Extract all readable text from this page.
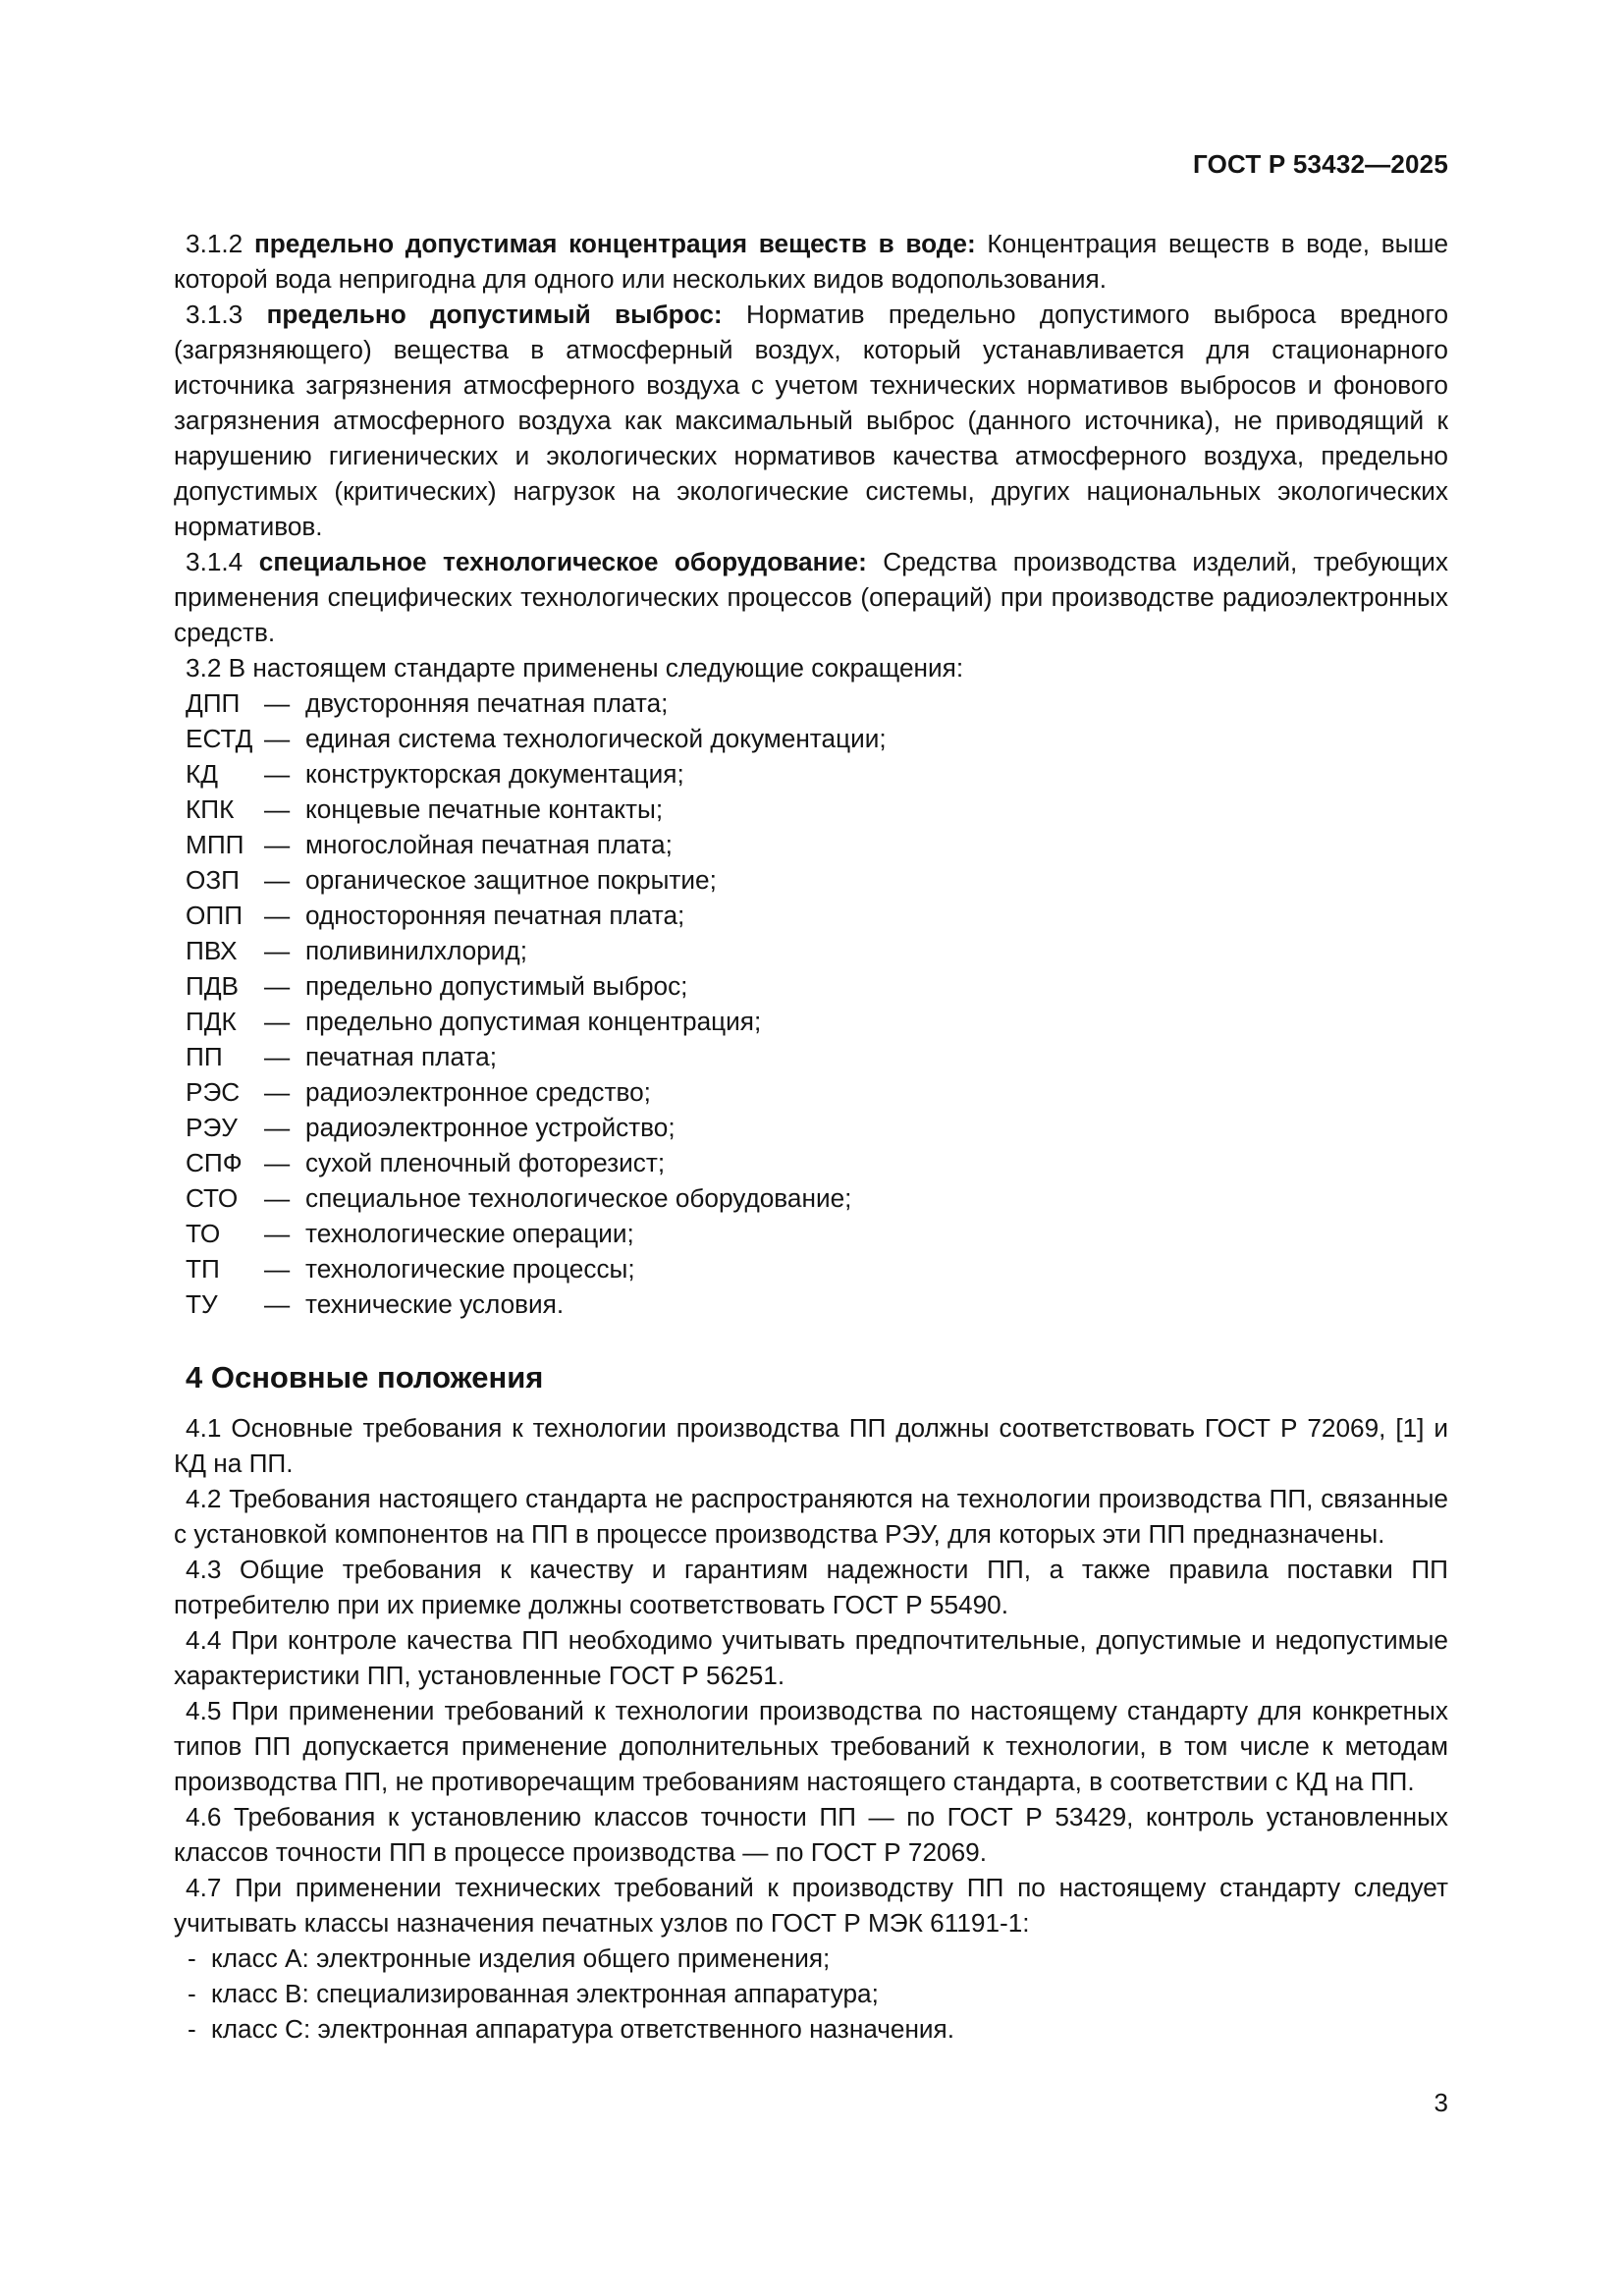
ГОСТ Р 53432—2025

3.1.2 предельно допустимая концентрация веществ в воде: Концентрация веществ в воде, выше которой вода непригодна для одного или нескольких видов водопользования.

3.1.3 предельно допустимый выброс: Норматив предельно допустимого выброса вредного (загрязняющего) вещества в атмосферный воздух, который устанавливается для стационарного источника загрязнения атмосферного воздуха с учетом технических нормативов выбросов и фонового загрязнения атмосферного воздуха как максимальный выброс (данного источника), не приводящий к нарушению гигиенических и экологических нормативов качества атмосферного воздуха, предельно допустимых (критических) нагрузок на экологические системы, других национальных экологических нормативов.

3.1.4 специальное технологическое оборудование: Средства производства изделий, требующих применения специфических технологических процессов (операций) при производстве радиоэлектронных средств.

3.2 В настоящем стандарте применены следующие сокращения:

ДПП — двусторонняя печатная плата;
ЕСТД — единая система технологической документации;
КД	— конструкторская документация;
КПК	— концевые печатные контакты;
МПП — многослойная печатная плата;
ОЗП — органическое защитное покрытие;
ОПП — односторонняя печатная плата;
ПВХ	— поливинилхлорид;
ПДВ — предельно допустимый выброс;
ПДК	— предельно допустимая концентрация;
ПП	— печатная плата;
РЭС — радиоэлектронное средство;
РЭУ	— радиоэлектронное устройство;
СПФ — сухой пленочный фоторезист;
СТО	— специальное технологическое оборудование;
ТО	— технологические операции;
ТП	— технологические процессы;
ТУ	— технические условия.
4 Основные положения

4.1 Основные требования к технологии производства ПП должны соответствовать ГОСТ Р 72069, [1] и КД на ПП.

4.2 Требования настоящего стандарта не распространяются на технологии производства ПП, связанные с установкой компонентов на ПП в процессе производства РЭУ, для которых эти ПП предназначены.

4.3 Общие требования к качеству и гарантиям надежности ПП, а также правила поставки ПП потребителю при их приемке должны соответствовать ГОСТ Р 55490.

4.4 При контроле качества ПП необходимо учитывать предпочтительные, допустимые и недопустимые характеристики ПП, установленные ГОСТ Р 56251.

4.5 При применении требований к технологии производства по настоящему стандарту для конкретных типов ПП допускается применение дополнительных требований к технологии, в том числе к методам производства ПП, не противоречащим требованиям настоящего стандарта, в соответствии с КД на ПП.

4.6 Требования к установлению классов точности ПП — по ГОСТ Р 53429, контроль установленных классов точности ПП в процессе производства — по ГОСТ Р 72069.

4.7 При применении технических требований к производству ПП по настоящему стандарту следует учитывать классы назначения печатных узлов по ГОСТ Р МЭК 61191-1:

- класс А: электронные изделия общего применения;
- класс В: специализированная электронная аппаратура;
- класс С: электронная аппаратура ответственного назначения.
3
